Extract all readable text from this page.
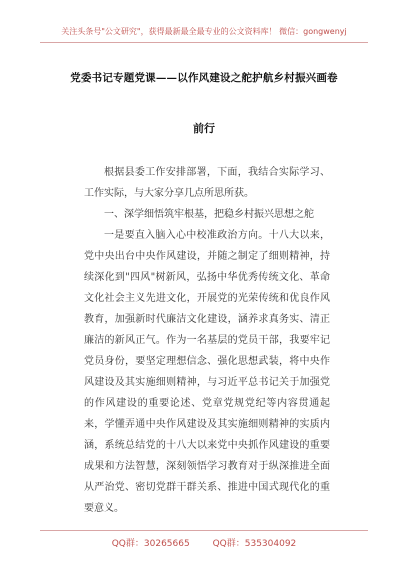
关注头条号"公文研究"，获得最新最全最专业的公文资料库！ 微信：gongwenyj
党委书记专题党课——以作风建设之舵护航乡村振兴画卷
前行

根据县委工作安排部署，下面，我结合实际学习、工作实际，与大家分享几点所思所获。

一、深学细悟筑牢根基，把稳乡村振兴思想之舵

一是要直入脑入心中校准政治方向。十八大以来，党中央出台中央作风建设，并随之制定了细则精神，持续深化到"四风"树新风，弘扬中华优秀传统文化、革命文化社会主义先进文化，开展党的光荣传统和优良作风教育，加强新时代廉洁文化建设，涵养求真务实、清正廉洁的新风正气。作为一名基层的党员干部，我要牢记党员身份，要坚定理想信念、强化思想武装，将中央作风建设及其实施细则精神，与习近平总书记关于加强党的作风建设的重要论述、党章党规党纪等内容贯通起来，学懂弄通中央作风建设及其实施细则精神的实质内涵，系统总结党的十八大以来党中央抓作风建设的重要成果和方法智慧，深刻领悟学习教育对于纵深推进全面从严治党、密切党群干群关系、推进中国式现代化的重要意义。

QQ群：30265665	QQ群：535304092
